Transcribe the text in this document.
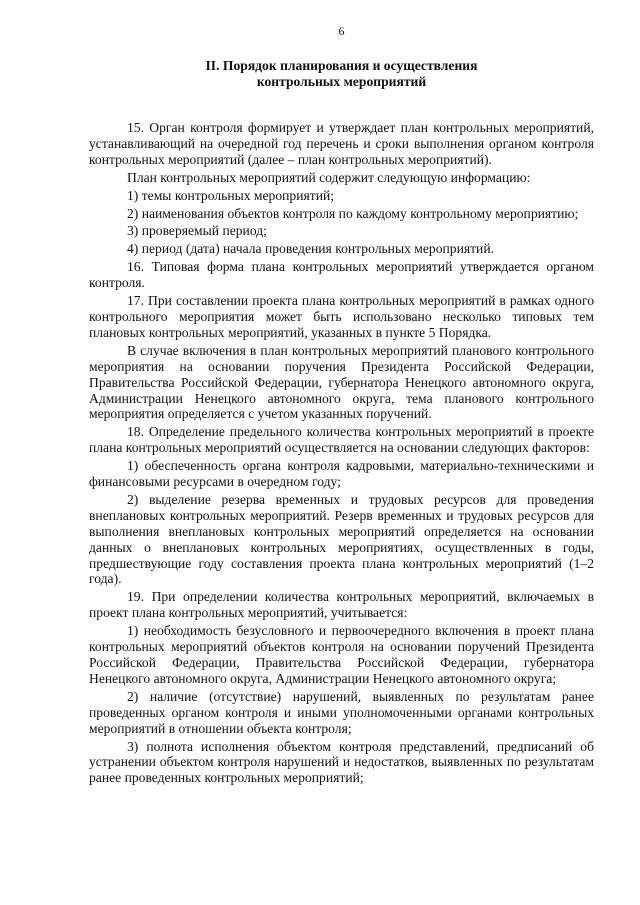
6
II. Порядок планирования и осуществления
контрольных мероприятий

15. Орган контроля формирует и утверждает план контрольных мероприятий, устанавливающий на очередной год перечень и сроки выполнения органом контроля контрольных мероприятий (далее – план контрольных мероприятий).

План контрольных мероприятий содержит следующую информацию:

1) темы контрольных мероприятий;

2) наименования объектов контроля по каждому контрольному мероприятию;

3) проверяемый период;

4) период (дата) начала проведения контрольных мероприятий.

16. Типовая форма плана контрольных мероприятий утверждается органом контроля.

17. При составлении проекта плана контрольных мероприятий в рамках одного контрольного мероприятия может быть использовано несколько типовых тем плановых контрольных мероприятий, указанных в пункте 5 Порядка.

В случае включения в план контрольных мероприятий планового контрольного мероприятия на основании поручения Президента Российской Федерации, Правительства Российской Федерации, губернатора Ненецкого автономного округа, Администрации Ненецкого автономного округа, тема планового контрольного мероприятия определяется с учетом указанных поручений.

18. Определение предельного количества контрольных мероприятий в проекте плана контрольных мероприятий осуществляется на основании следующих факторов:

1) обеспеченность органа контроля кадровыми, материально-техническими и финансовыми ресурсами в очередном году;

2) выделение резерва временных и трудовых ресурсов для проведения внеплановых контрольных мероприятий. Резерв временных и трудовых ресурсов для выполнения внеплановых контрольных мероприятий определяется на основании данных о внеплановых контрольных мероприятиях, осуществленных в годы, предшествующие году составления проекта плана контрольных мероприятий (1–2 года).

19. При определении количества контрольных мероприятий, включаемых в проект плана контрольных мероприятий, учитывается:

1) необходимость безусловного и первоочередного включения в проект плана контрольных мероприятий объектов контроля на основании поручений Президента Российской Федерации, Правительства Российской Федерации, губернатора Ненецкого автономного округа, Администрации Ненецкого автономного округа;

2) наличие (отсутствие) нарушений, выявленных по результатам ранее проведенных органом контроля и иными уполномоченными органами контрольных мероприятий в отношении объекта контроля;

3) полнота исполнения объектом контроля представлений, предписаний об устранении объектом контроля нарушений и недостатков, выявленных по результатам ранее проведенных контрольных мероприятий;
